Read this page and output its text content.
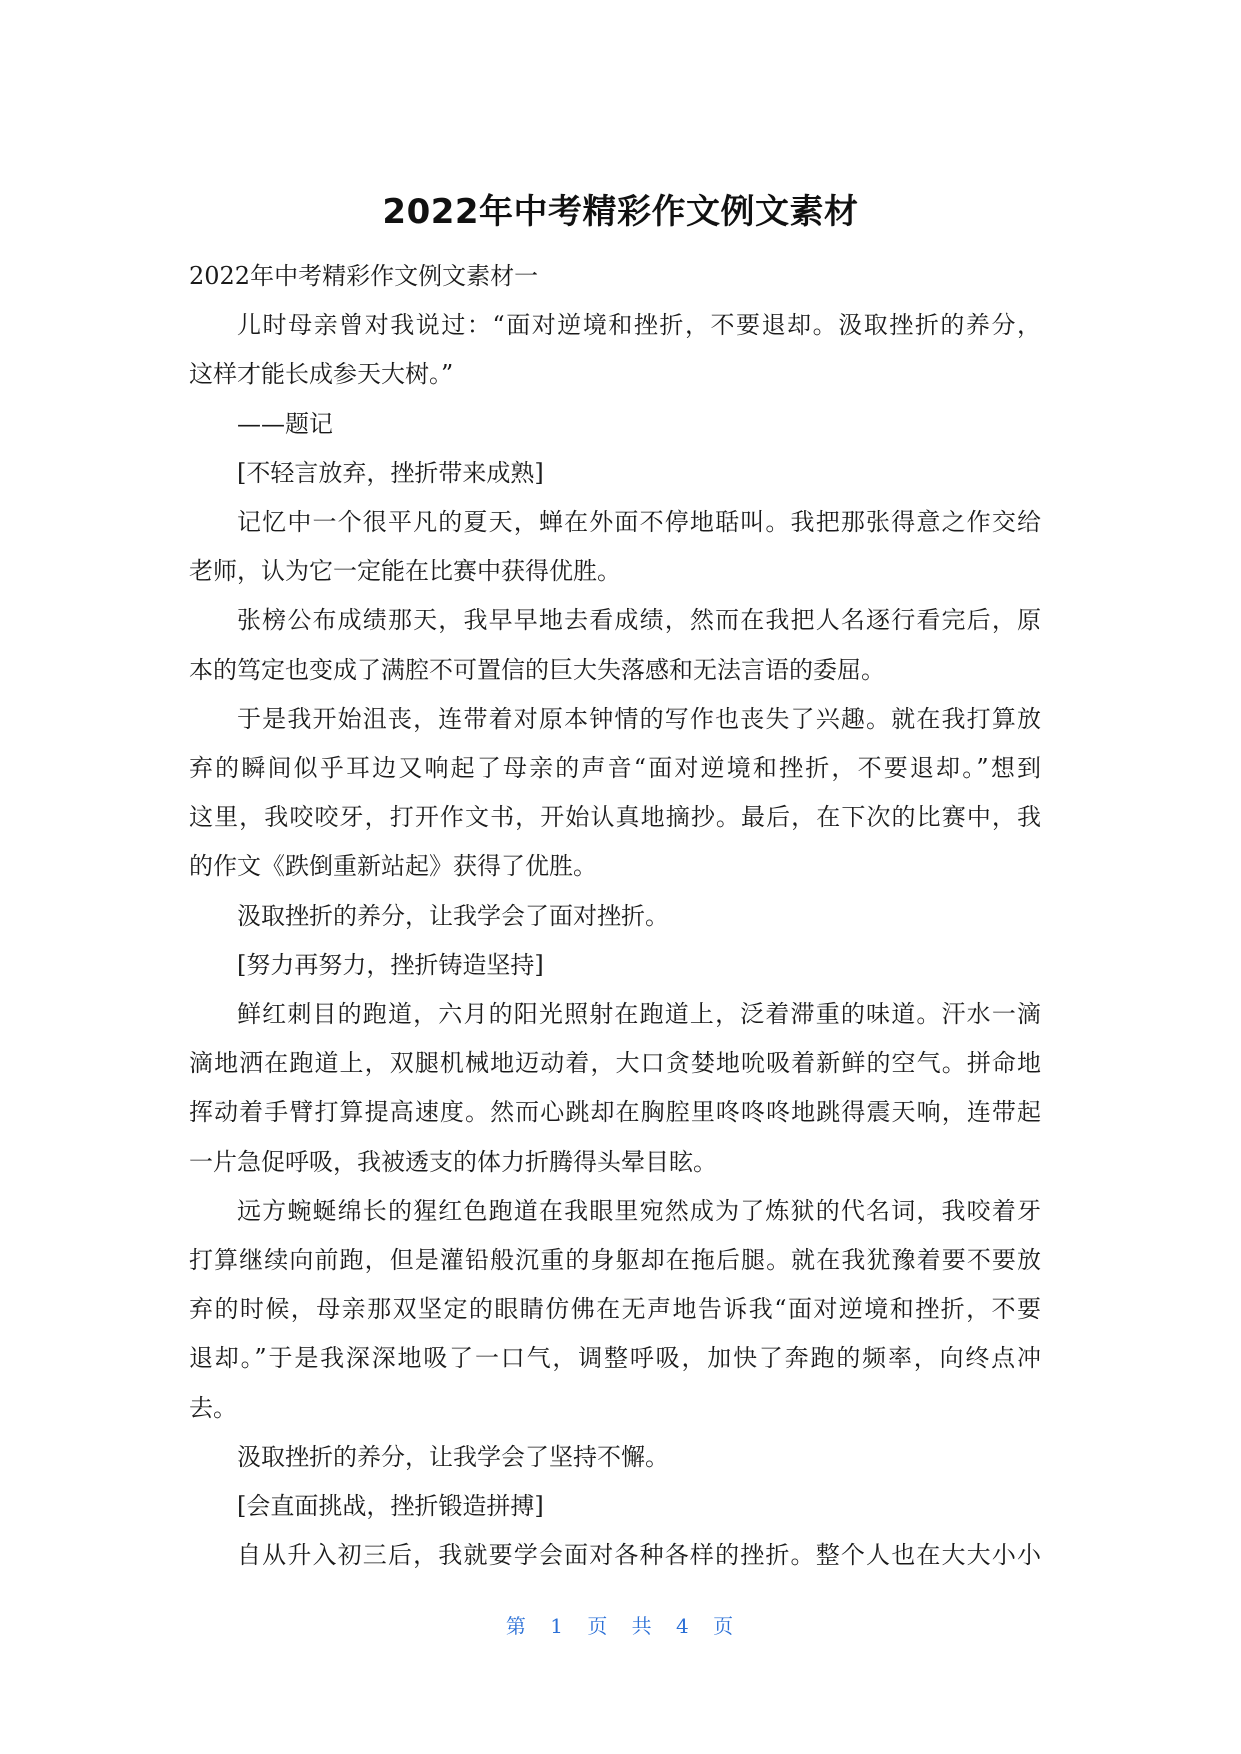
2022年中考精彩作文例文素材

2022年中考精彩作文例文素材一

儿时母亲曾对我说过：“面对逆境和挫折，不要退却。汲取挫折的养分，

这样才能长成参天大树。”

——题记

[不轻言放弃，挫折带来成熟]

记忆中一个很平凡的夏天，蝉在外面不停地聒叫。我把那张得意之作交给

老师，认为它一定能在比赛中获得优胜。

张榜公布成绩那天，我早早地去看成绩，然而在我把人名逐行看完后，原

本的笃定也变成了满腔不可置信的巨大失落感和无法言语的委屈。

于是我开始沮丧，连带着对原本钟情的写作也丧失了兴趣。就在我打算放

弃的瞬间似乎耳边又响起了母亲的声音“面对逆境和挫折，不要退却。”想到

这里，我咬咬牙，打开作文书，开始认真地摘抄。最后，在下次的比赛中，我

的作文《跌倒重新站起》获得了优胜。

汲取挫折的养分，让我学会了面对挫折。

[努力再努力，挫折铸造坚持]

鲜红刺目的跑道，六月的阳光照射在跑道上，泛着滞重的味道。汗水一滴

滴地洒在跑道上，双腿机械地迈动着，大口贪婪地吮吸着新鲜的空气。拼命地

挥动着手臂打算提高速度。然而心跳却在胸腔里咚咚咚地跳得震天响，连带起

一片急促呼吸，我被透支的体力折腾得头晕目眩。

远方蜿蜒绵长的猩红色跑道在我眼里宛然成为了炼狱的代名词，我咬着牙

打算继续向前跑，但是灌铅般沉重的身躯却在拖后腿。就在我犹豫着要不要放

弃的时候，母亲那双坚定的眼睛仿佛在无声地告诉我“面对逆境和挫折，不要

退却。”于是我深深地吸了一口气，调整呼吸，加快了奔跑的频率，向终点冲

去。

汲取挫折的养分，让我学会了坚持不懈。

[会直面挑战，挫折锻造拼搏]

自从升入初三后，我就要学会面对各种各样的挫折。整个人也在大大小小

第 1 页 共 4 页
